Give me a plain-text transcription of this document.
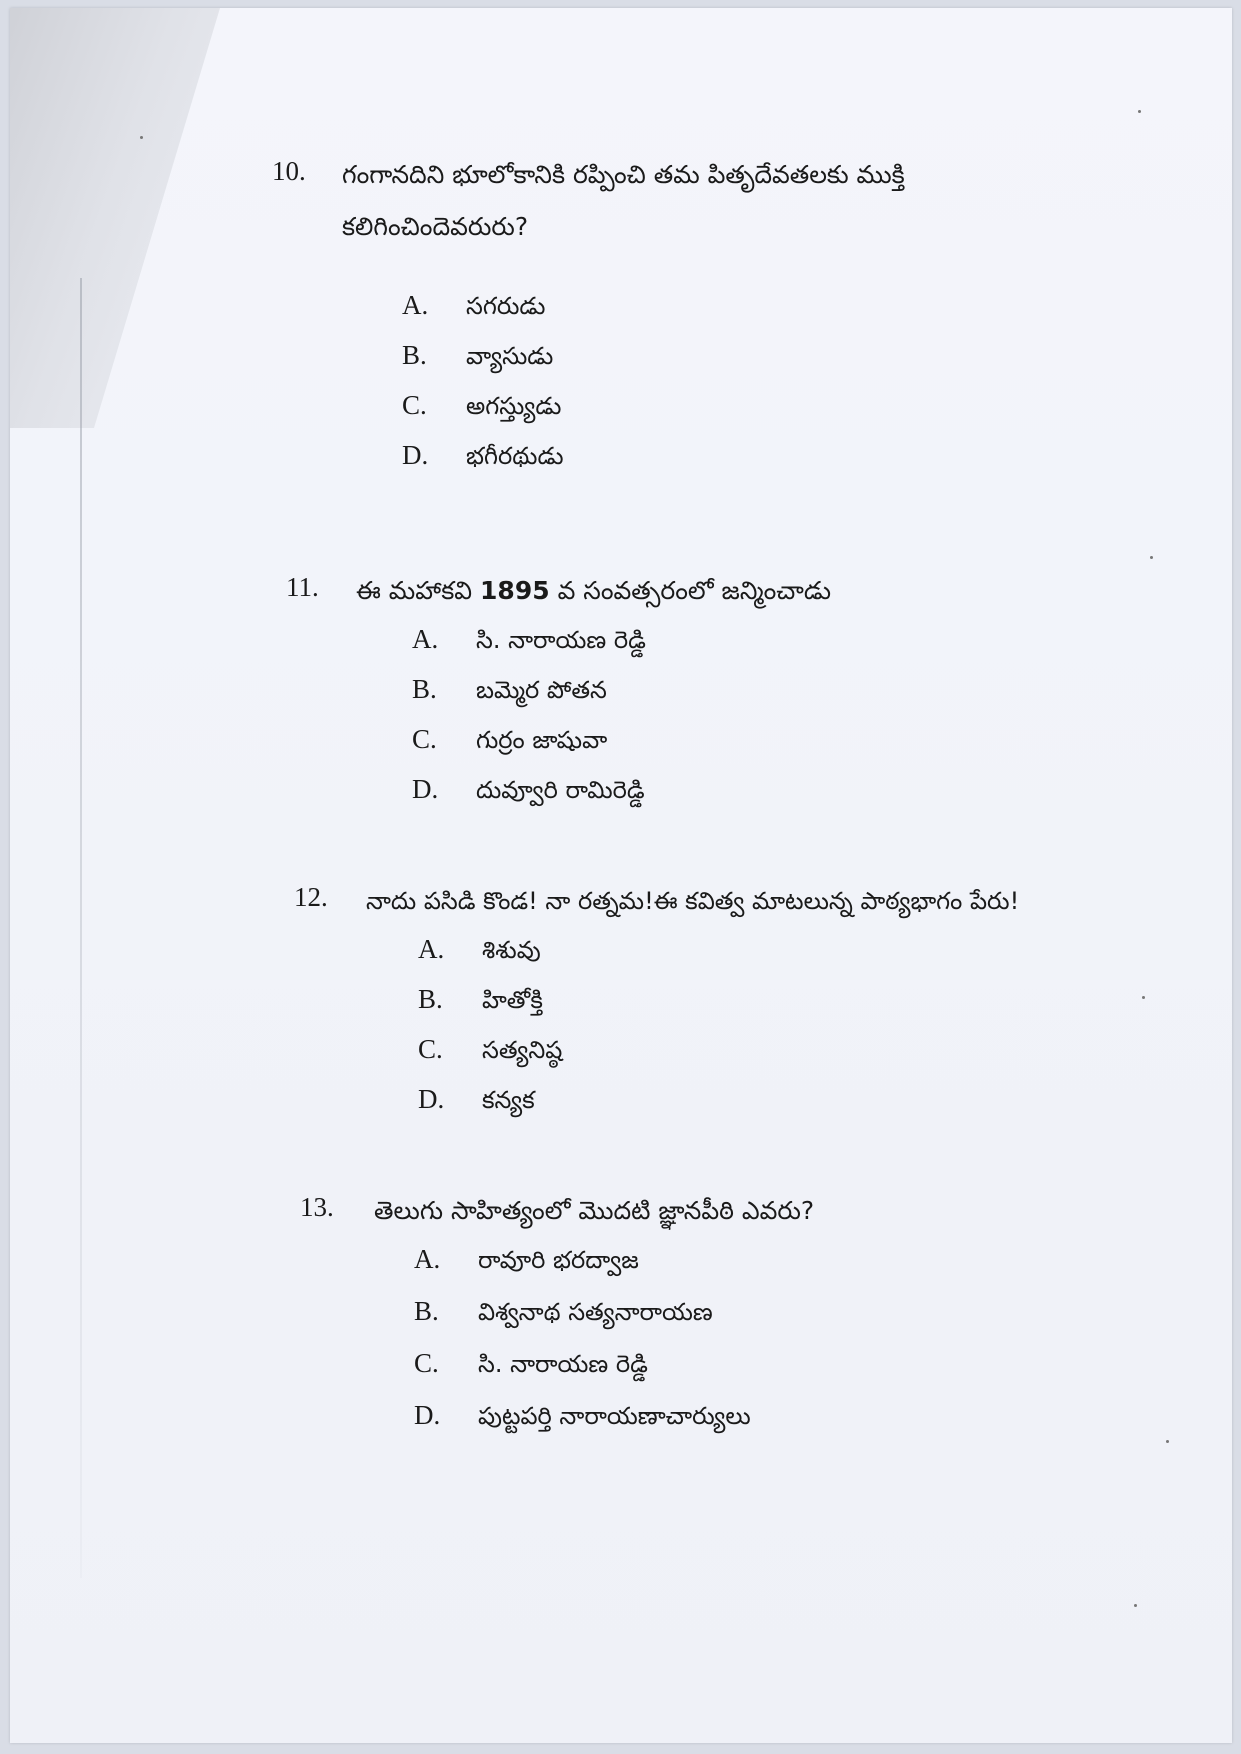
10. గంగానదిని భూలోకానికి రప్పించి తమ పితృదేవతలకు ముక్తి
కలిగించిందెవరురు?
A. సగరుడు
B. వ్యాసుడు
C. అగస్త్యుడు
D. భగీరథుడు
11. ఈ మహాకవి 1895 వ సంవత్సరంలో జన్మించాడు
A. సి. నారాయణ రెడ్డి
B. బమ్మెర పోతన
C. గుర్రం జాషువా
D. దువ్వూరి రామిరెడ్డి
12. నాదు పసిడి కొండ! నా రత్నమ!ఈ కవిత్వ మాటలున్న పాఠ్యభాగం పేరు!
A. శిశువు
B. హితోక్తి
C. సత్యనిష్ఠ
D. కన్యక
13. తెలుగు సాహిత్యంలో మొదటి జ్ఞానపీఠి ఎవరు?
A. రావూరి భరద్వాజ
B. విశ్వనాథ సత్యనారాయణ
C. సి. నారాయణ రెడ్డి
D. పుట్టపర్తి నారాయణాచార్యులు
